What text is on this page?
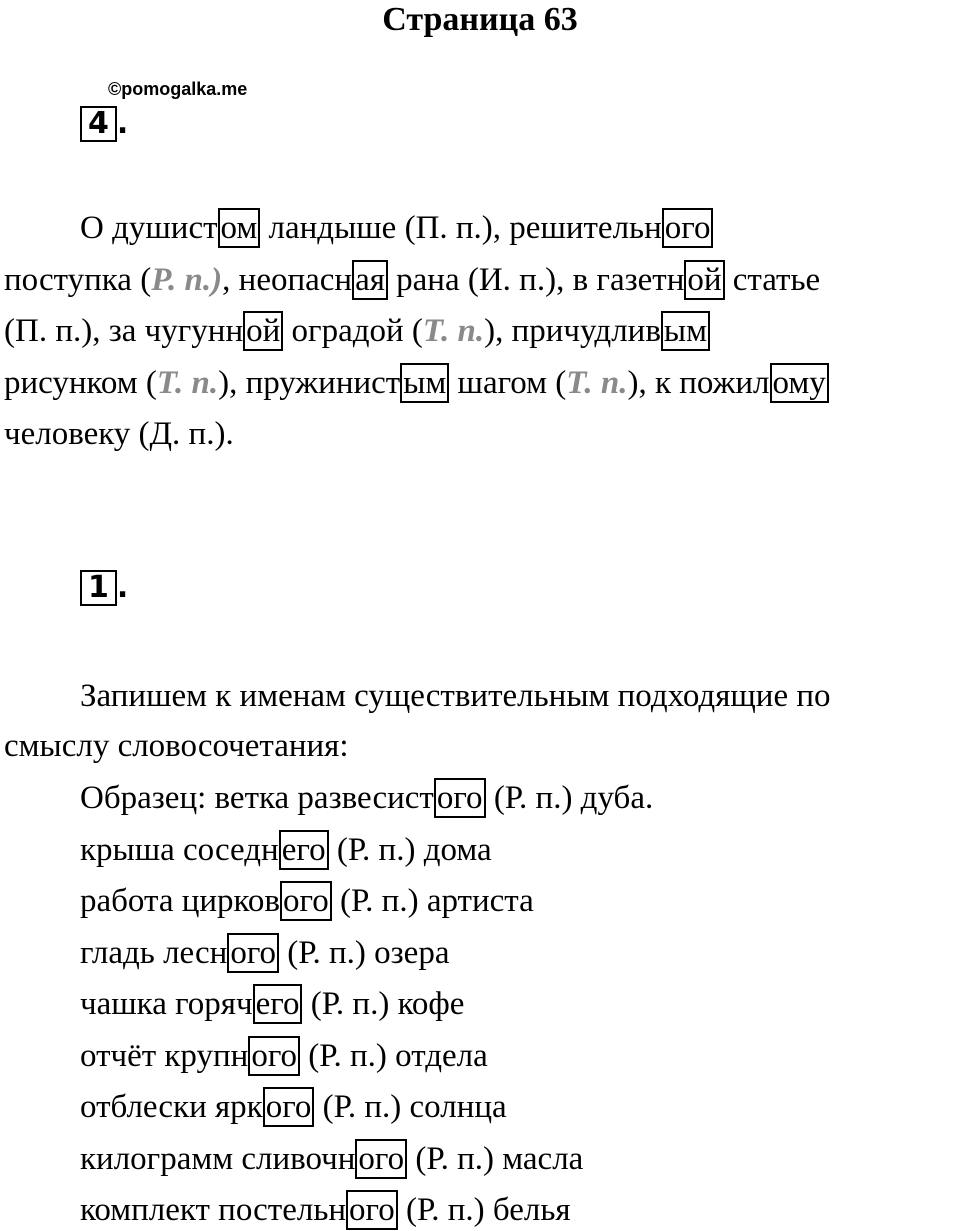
Страница 63
©pomogalka.me
4 .
О душистом ландыше (П. п.), решительного
поступка (Р. п.), неопасная рана (И. п.), в газетной статье
(П. п.), за чугунной оградой (Т. п.), причудливым
рисунком (Т. п.), пружинистым шагом (Т. п.), к пожилому
человеку (Д. п.).
1 .
Запишем к именам существительным подходящие по
смыслу словосочетания:
Образец: ветка развесистого (Р. п.) дуба.
крыша соседнего (Р. п.) дома
работа циркового (Р. п.) артиста
гладь лесного (Р. п.) озера
чашка горячего (Р. п.) кофе
отчёт крупного (Р. п.) отдела
отблески яркого (Р. п.) солнца
килограмм сливочного (Р. п.) масла
комплект постельного (Р. п.) белья
